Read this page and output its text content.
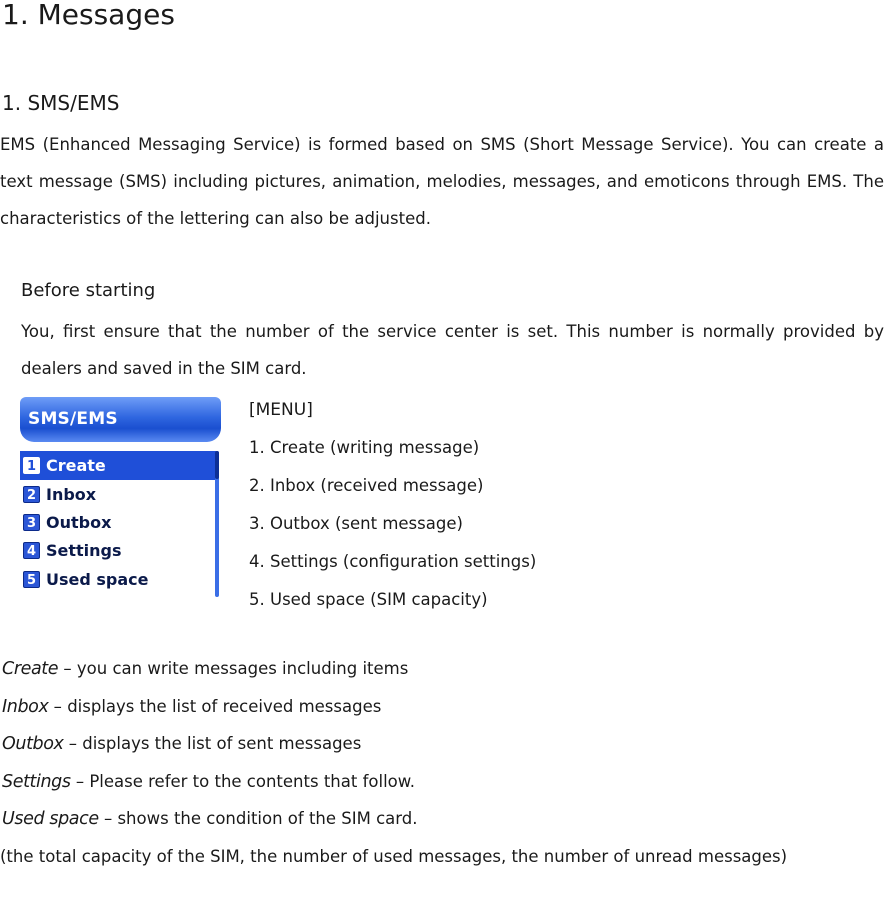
1. Messages
1. SMS/EMS

EMS (Enhanced Messaging Service) is formed based on SMS (Short Message Service). You can create a text message (SMS) including pictures, animation, melodies, messages, and emoticons through EMS. The characteristics of the lettering can also be adjusted.

Before starting

You, first ensure that the number of the service center is set. This number is normally provided by dealers and saved in the SIM card.

SMS/EMS
1 Create
2 Inbox
3 Outbox
4 Settings
5 Used space
[MENU]
1. Create (writing message)
2. Inbox (received message)
3. Outbox (sent message)
4. Settings (configuration settings)
5. Used space (SIM capacity)
Create – you can write messages including items
Inbox – displays the list of received messages
Outbox – displays the list of sent messages
Settings – Please refer to the contents that follow.
Used space – shows the condition of the SIM card.

(the total capacity of the SIM, the number of used messages, the number of unread messages)
